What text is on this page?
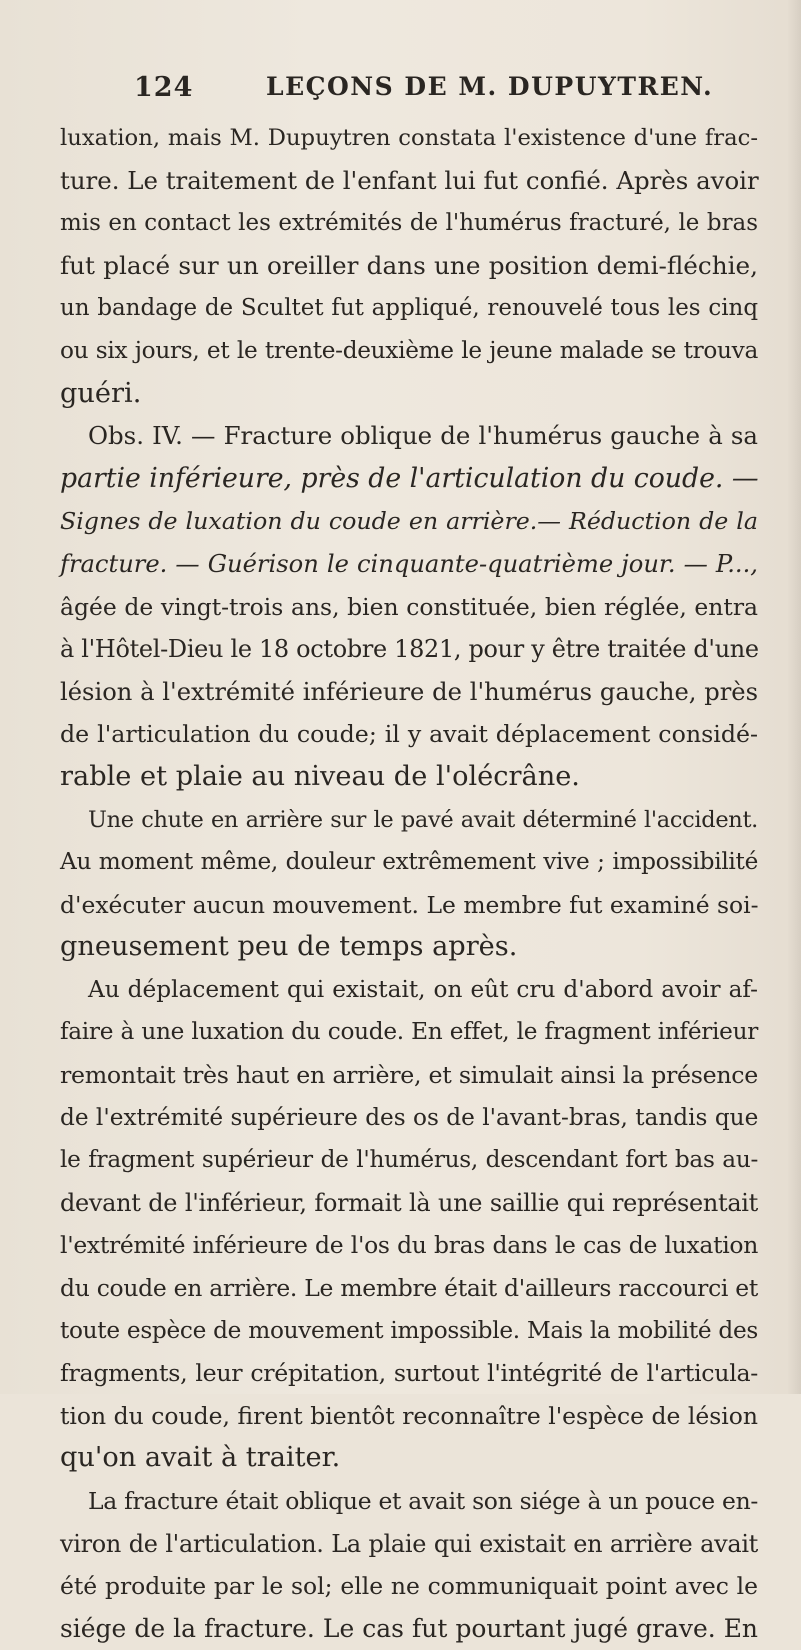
124	LEÇONS DE M. DUPUYTREN.
luxation, mais M. Dupuytren constata l'existence d'une frac-
ture. Le traitement de l'enfant lui fut confié. Après avoir
mis en contact les extrémités de l'humérus fracturé, le bras
fut placé sur un oreiller dans une position demi-fléchie,
un bandage de Scultet fut appliqué, renouvelé tous les cinq
ou six jours, et le trente-deuxième le jeune malade se trouva
guéri.
Obs. IV. — Fracture oblique de l'humérus gauche à sa
partie inférieure, près de l'articulation du coude. —
Signes de luxation du coude en arrière.— Réduction de la
fracture. — Guérison le cinquante-quatrième jour. — P...,
âgée de vingt-trois ans, bien constituée, bien réglée, entra
à l'Hôtel-Dieu le 18 octobre 1821, pour y être traitée d'une
lésion à l'extrémité inférieure de l'humérus gauche, près
de l'articulation du coude; il y avait déplacement considé-
rable et plaie au niveau de l'olécrâne.
Une chute en arrière sur le pavé avait déterminé l'accident.
Au moment même, douleur extrêmement vive ; impossibilité
d'exécuter aucun mouvement. Le membre fut examiné soi-
gneusement peu de temps après.
Au déplacement qui existait, on eût cru d'abord avoir af-
faire à une luxation du coude. En effet, le fragment inférieur
remontait très haut en arrière, et simulait ainsi la présence
de l'extrémité supérieure des os de l'avant-bras, tandis que
le fragment supérieur de l'humérus, descendant fort bas au-
devant de l'inférieur, formait là une saillie qui représentait
l'extrémité inférieure de l'os du bras dans le cas de luxation
du coude en arrière. Le membre était d'ailleurs raccourci et
toute espèce de mouvement impossible. Mais la mobilité des
fragments, leur crépitation, surtout l'intégrité de l'articula-
tion du coude, firent bientôt reconnaître l'espèce de lésion
qu'on avait à traiter.
La fracture était oblique et avait son siége à un pouce en-
viron de l'articulation. La plaie qui existait en arrière avait
été produite par le sol; elle ne communiquait point avec le
siége de la fracture. Le cas fut pourtant jugé grave. En
